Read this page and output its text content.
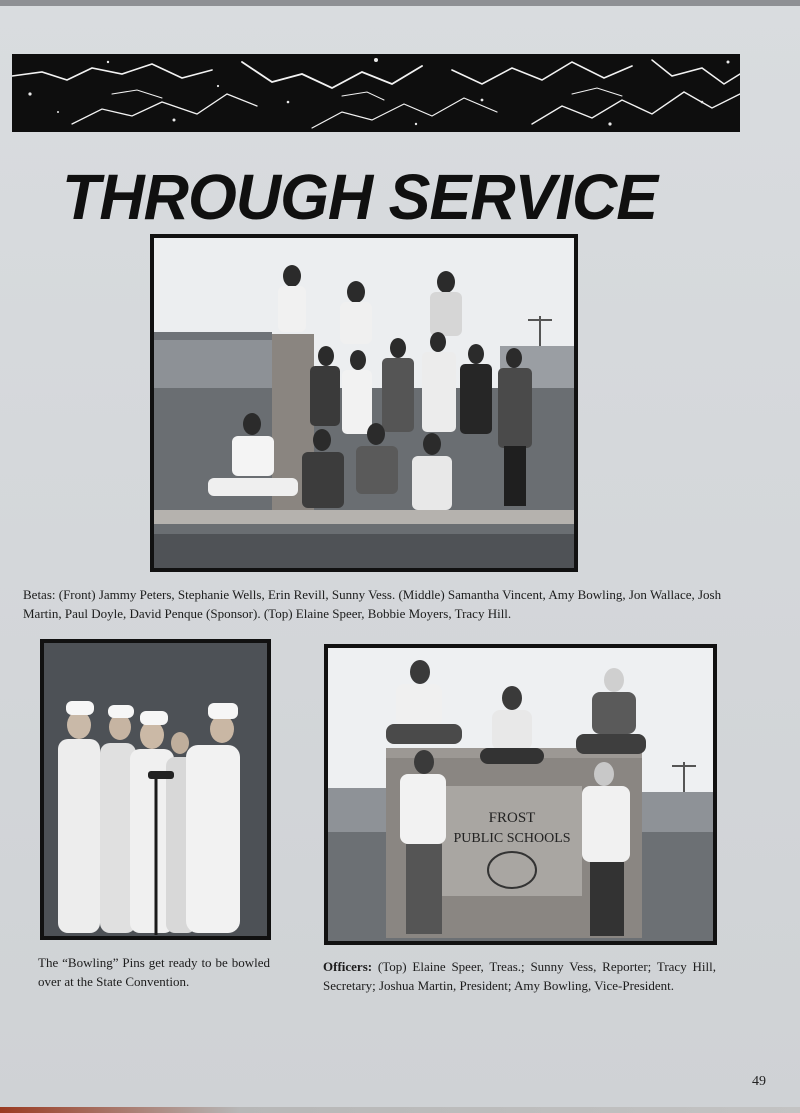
THROUGH SERVICE
Betas: (Front) Jammy Peters, Stephanie Wells, Erin Revill, Sunny Vess. (Middle) Samantha Vincent, Amy Bowling, Jon Wallace, Josh Martin, Paul Doyle, David Penque (Sponsor). (Top) Elaine Speer, Bobbie Moyers, Tracy Hill.
The “Bowling” Pins get ready to be bowled over at the State Convention.
FROST
PUBLIC SCHOOLS
Officers: (Top) Elaine Speer, Treas.; Sunny Vess, Reporter; Tracy Hill, Secretary; Joshua Martin, President; Amy Bowling, Vice-President.
49
